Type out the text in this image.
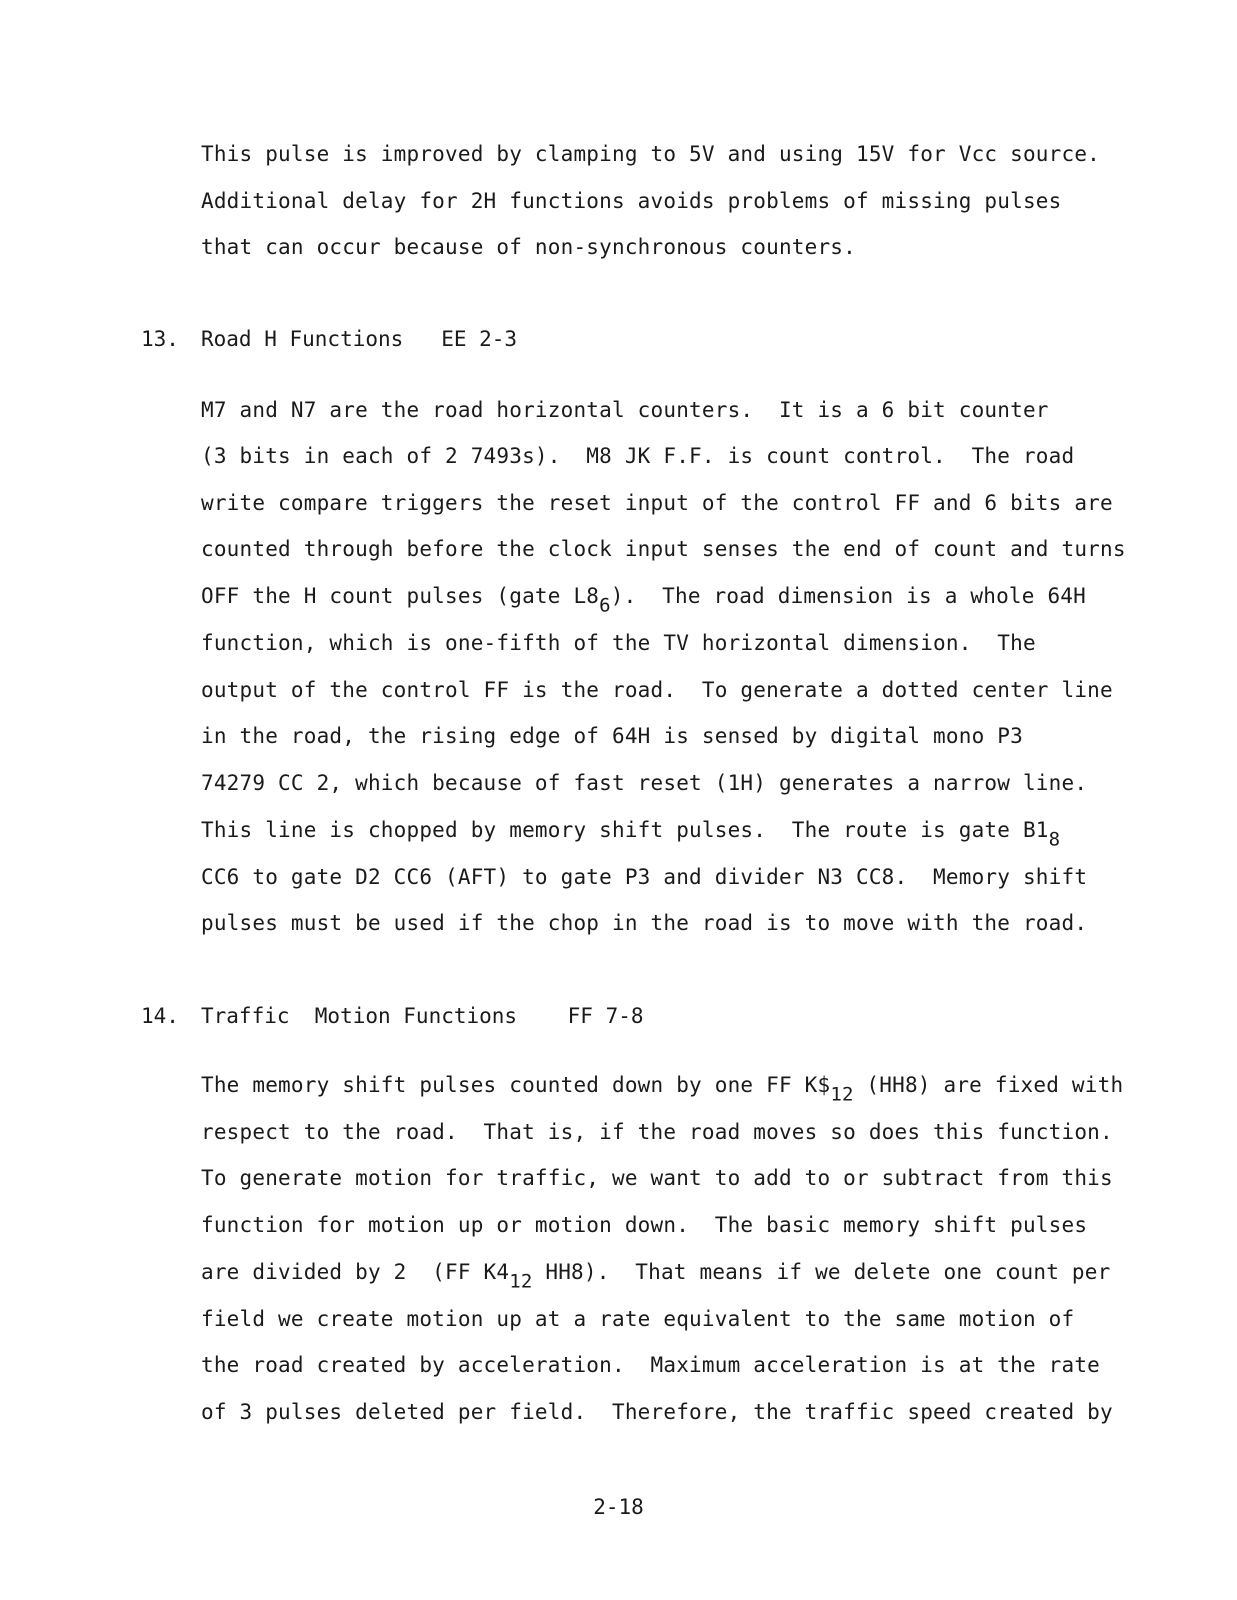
This pulse is improved by clamping to 5V and using 15V for Vcc source.
Additional delay for 2H functions avoids problems of missing pulses
that can occur because of non-synchronous counters.
13. Road H Functions   EE 2-3
M7 and N7 are the road horizontal counters.  It is a 6 bit counter
(3 bits in each of 2 7493s).  M8 JK F.F. is count control.  The road
write compare triggers the reset input of the control FF and 6 bits are
counted through before the clock input senses the end of count and turns
OFF the H count pulses (gate $L8_6$).  The road dimension is a whole 64H
function, which is one-fifth of the TV horizontal dimension.  The
output of the control FF is the road.  To generate a dotted center line
in the road, the rising edge of 64H is sensed by digital mono P3
74279 CC 2, which because of fast reset (1H) generates a narrow line.
This line is chopped by memory shift pulses.  The route is gate $B1_8$
CC6 to gate D2 CC6 (AFT) to gate P3 and divider N3 CC8.  Memory shift
pulses must be used if the chop in the road is to move with the road.
14. Traffic  Motion Functions    FF 7-8
The memory shift pulses counted down by one FF $K\$_{12}$ (HH8) are fixed with
respect to the road.  That is, if the road moves so does this function.
To generate motion for traffic, we want to add to or subtract from this
function for motion up or motion down.  The basic memory shift pulses
are divided by 2  (FF $K4_{12}$ HH8).  That means if we delete one count per
field we create motion up at a rate equivalent to the same motion of
the road created by acceleration.  Maximum acceleration is at the rate
of 3 pulses deleted per field.  Therefore, the traffic speed created by
2-18
